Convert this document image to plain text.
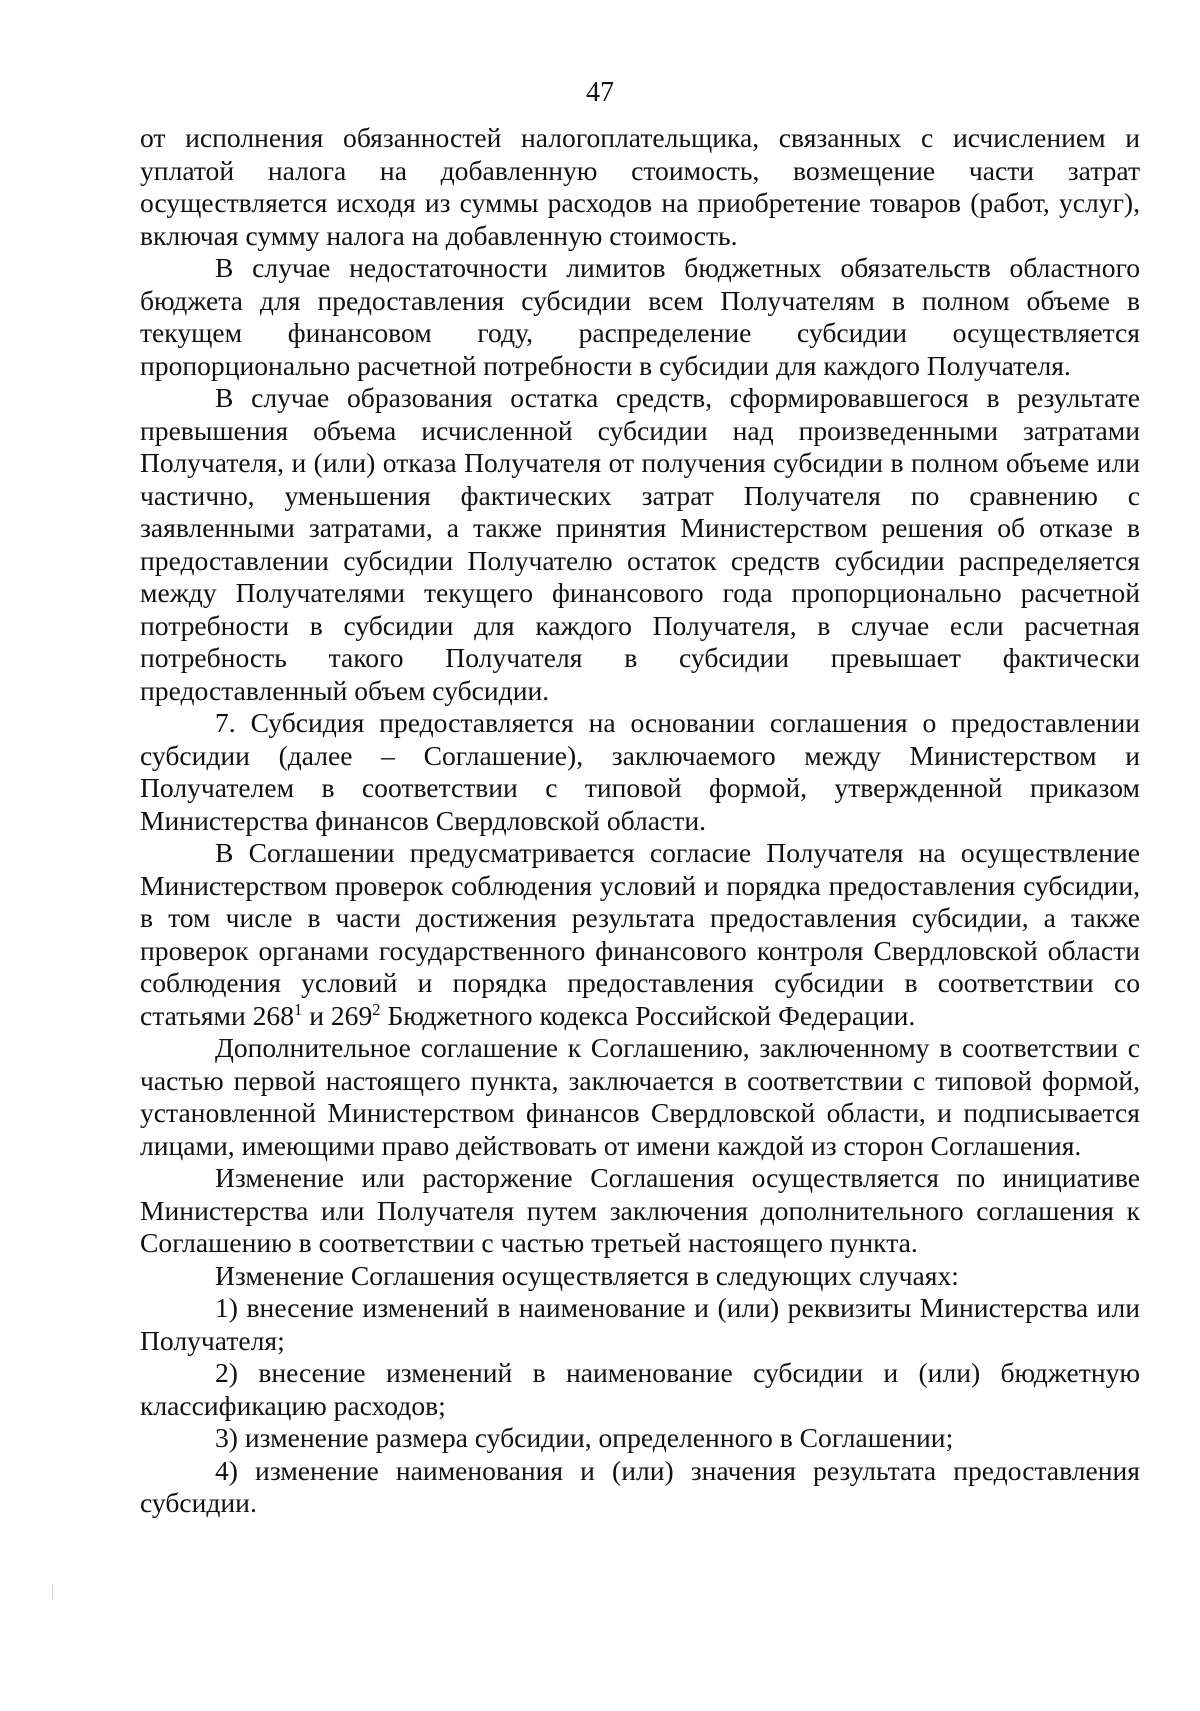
47

от исполнения обязанностей налогоплательщика, связанных с исчислением и уплатой налога на добавленную стоимость, возмещение части затрат осуществляется исходя из суммы расходов на приобретение товаров (работ, услуг), включая сумму налога на добавленную стоимость.

В случае недостаточности лимитов бюджетных обязательств областного бюджета для предоставления субсидии всем Получателям в полном объеме в текущем финансовом году, распределение субсидии осуществляется пропорционально расчетной потребности в субсидии для каждого Получателя.

В случае образования остатка средств, сформировавшегося в результате превышения объема исчисленной субсидии над произведенными затратами Получателя, и (или) отказа Получателя от получения субсидии в полном объеме или частично, уменьшения фактических затрат Получателя по сравнению с заявленными затратами, а также принятия Министерством решения об отказе в предоставлении субсидии Получателю остаток средств субсидии распределяется между Получателями текущего финансового года пропорционально расчетной потребности в субсидии для каждого Получателя, в случае если расчетная потребность такого Получателя в субсидии превышает фактически предоставленный объем субсидии.

7. Субсидия предоставляется на основании соглашения о предоставлении субсидии (далее – Соглашение), заключаемого между Министерством и Получателем в соответствии с типовой формой, утвержденной приказом Министерства финансов Свердловской области.

В Соглашении предусматривается согласие Получателя на осуществление Министерством проверок соблюдения условий и порядка предоставления субсидии, в том числе в части достижения результата предоставления субсидии, а также проверок органами государственного финансового контроля Свердловской области соблюдения условий и порядка предоставления субсидии в соответствии со статьями $268^1$ и $269^2$ Бюджетного кодекса Российской Федерации.

Дополнительное соглашение к Соглашению, заключенному в соответствии с частью первой настоящего пункта, заключается в соответствии с типовой формой, установленной Министерством финансов Свердловской области, и подписывается лицами, имеющими право действовать от имени каждой из сторон Соглашения.

Изменение или расторжение Соглашения осуществляется по инициативе Министерства или Получателя путем заключения дополнительного соглашения к Соглашению в соответствии с частью третьей настоящего пункта.

Изменение Соглашения осуществляется в следующих случаях:

1) внесение изменений в наименование и (или) реквизиты Министерства или Получателя;

2) внесение изменений в наименование субсидии и (или) бюджетную классификацию расходов;

3) изменение размера субсидии, определенного в Соглашении;

4) изменение наименования и (или) значения результата предоставления субсидии.
